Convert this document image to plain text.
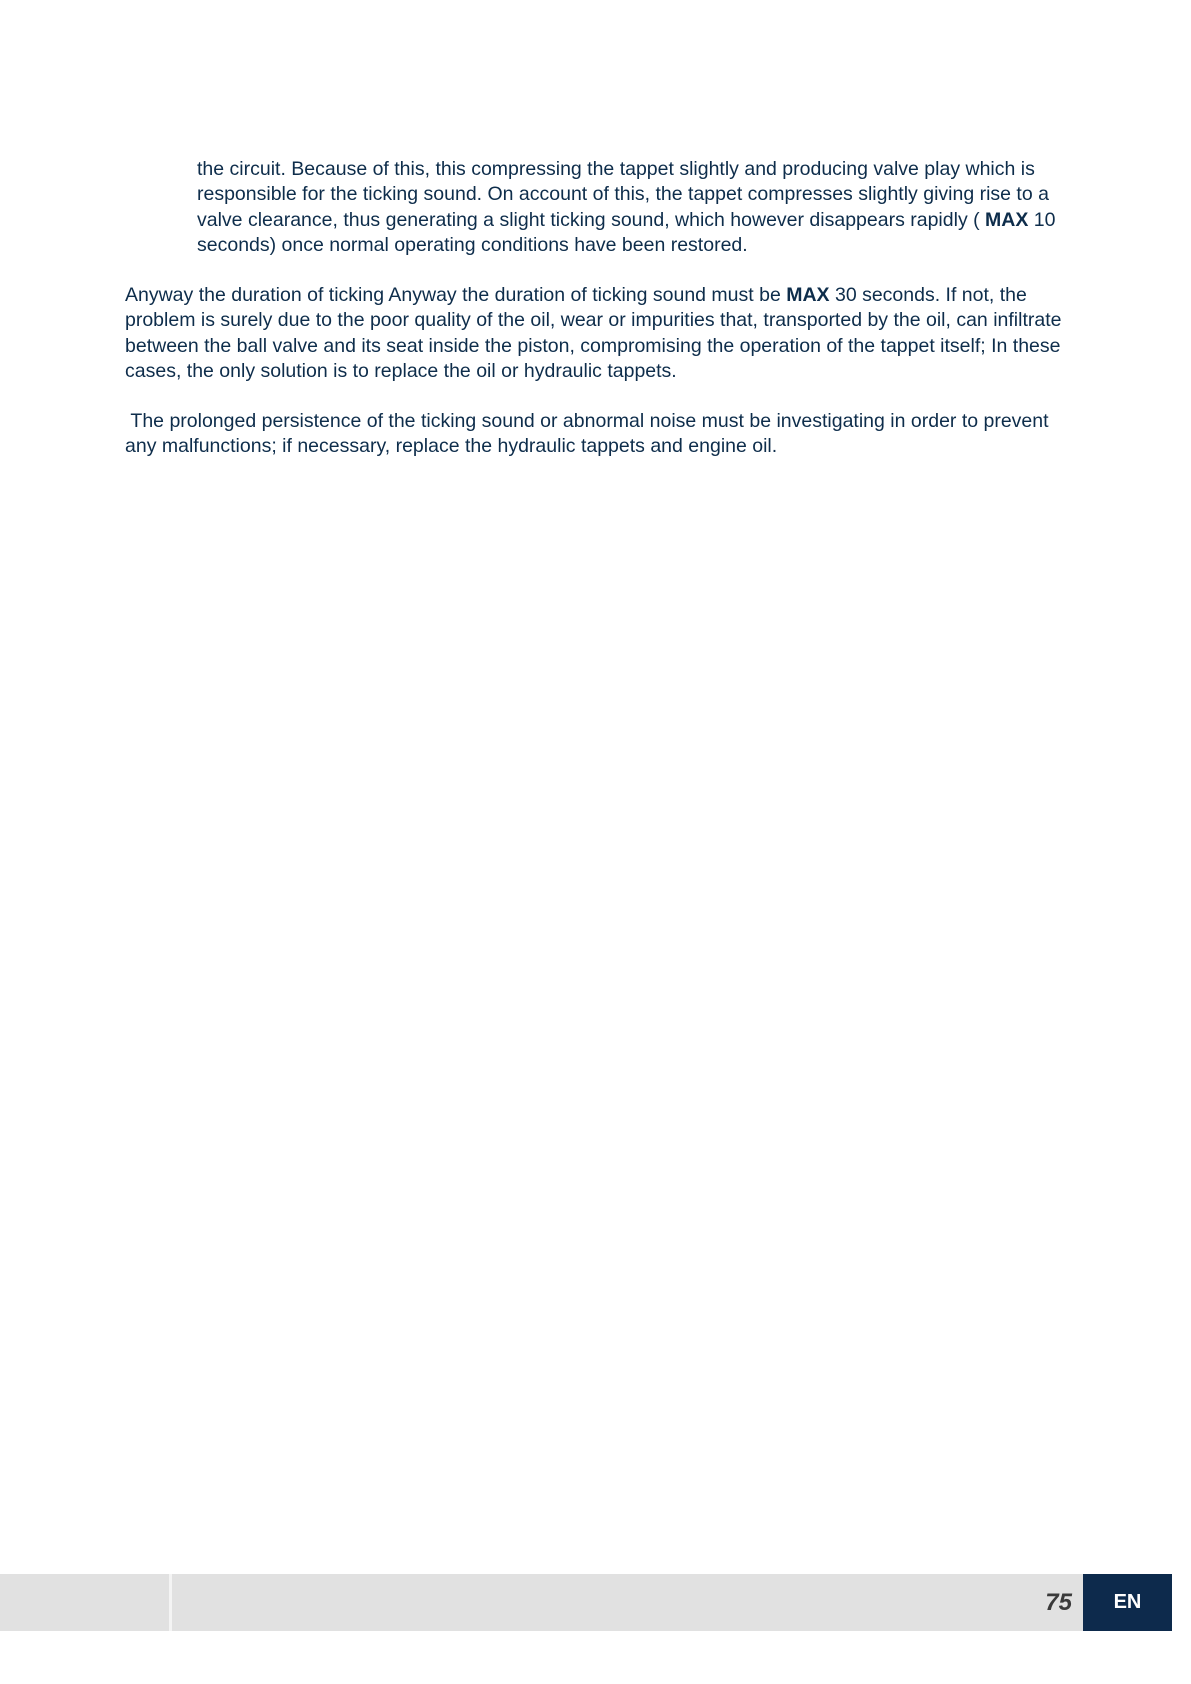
the circuit. Because of this, this compressing the tappet slightly and producing valve play which is
responsible for the ticking sound. On account of this, the tappet compresses slightly giving rise to a
valve clearance, thus generating a slight ticking sound, which however disappears rapidly ( MAX 10
seconds) once normal operating conditions have been restored.

Anyway the duration of ticking Anyway the duration of ticking sound must be MAX 30 seconds. If not, the
problem is surely due to the poor quality of the oil, wear or impurities that, transported by the oil, can infiltrate
between the ball valve and its seat inside the piston, compromising the operation of the tappet itself; In these
cases, the only solution is to replace the oil or hydraulic tappets.

The prolonged persistence of the ticking sound or abnormal noise must be investigating in order to prevent
any malfunctions; if necessary, replace the hydraulic tappets and engine oil.

75	EN
